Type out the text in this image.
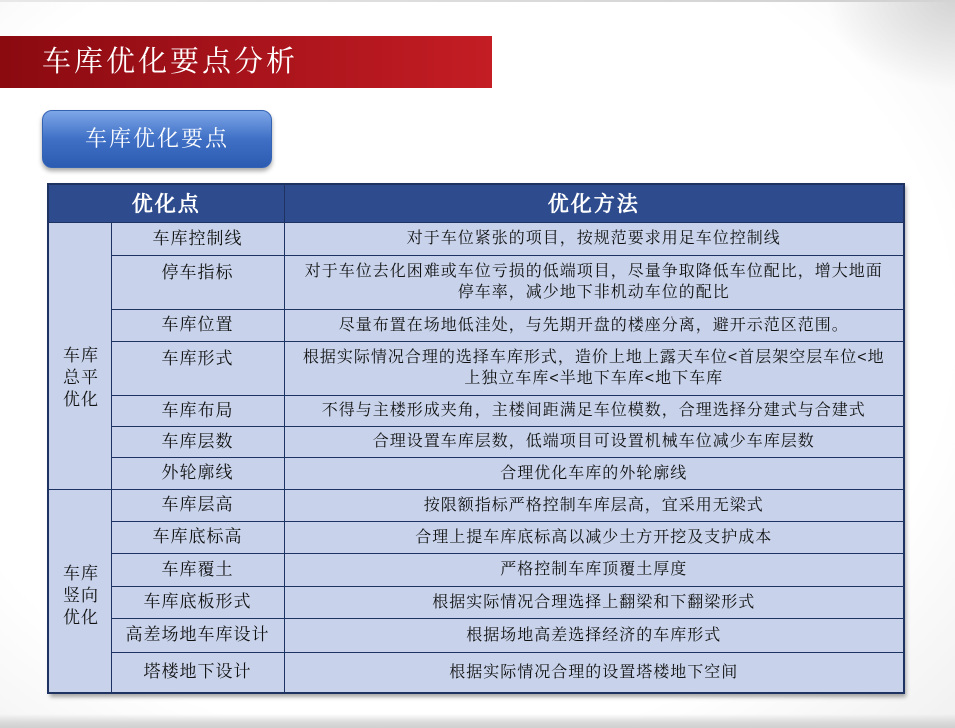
车库优化要点分析
车库优化要点
优化点		优化方法

车库
总平
优化	车库控制线	对于车位紧张的项目，按规范要求用足车位控制线
	停车指标	对于车位去化困难或车位亏损的低端项目，尽量争取降低车位配比，增大地面停车率，减少地下非机动车位的配比
	车库位置	尽量布置在场地低洼处，与先期开盘的楼座分离，避开示范区范围。
	车库形式	根据实际情况合理的选择车库形式，造价上地上露天车位<首层架空层车位<地上独立车库<半地下车库<地下车库
	车库布局	不得与主楼形成夹角，主楼间距满足车位模数，合理选择分建式与合建式
	车库层数	合理设置车库层数，低端项目可设置机械车位减少车库层数
	外轮廓线	合理优化车库的外轮廓线

车库
竖向
优化	车库层高	按限额指标严格控制车库层高，宜采用无梁式
	车库底标高	合理上提车库底标高以减少土方开挖及支护成本
	车库覆土	严格控制车库顶覆土厚度
	车库底板形式	根据实际情况合理选择上翻梁和下翻梁形式
	高差场地车库设计	根据场地高差选择经济的车库形式
	塔楼地下设计	根据实际情况合理的设置塔楼地下空间
